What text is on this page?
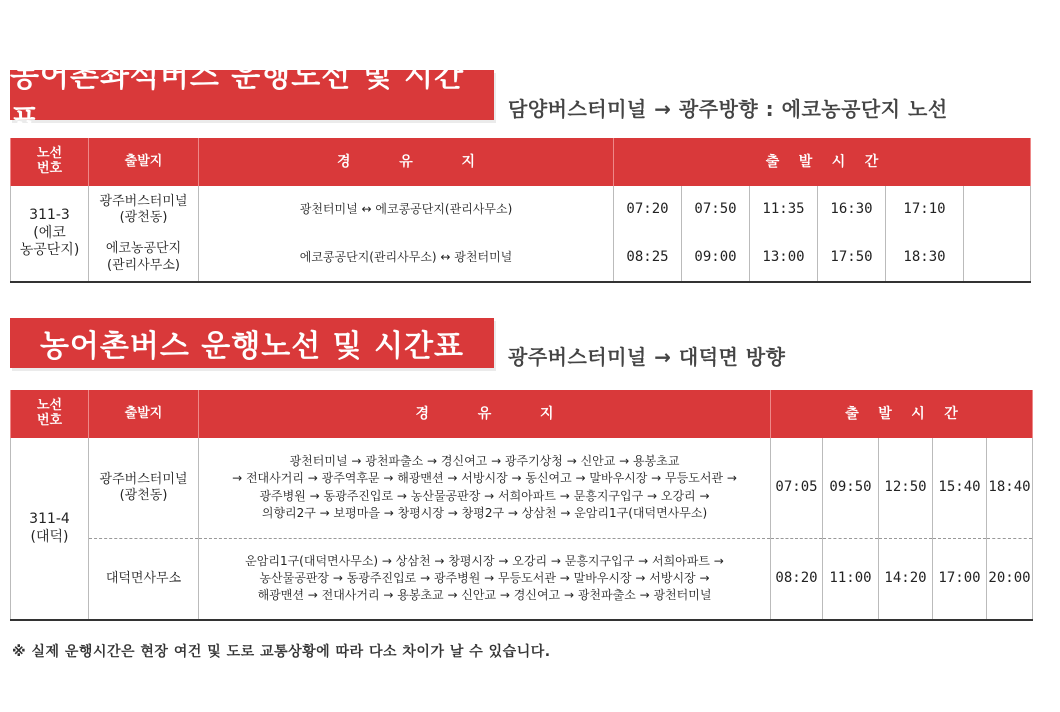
농어촌좌석버스 운행노선 및 시간표	담양버스터미널 → 광주방향 : 에코농공단지 노선
노선
번호	출발지	경          유          지	출    발    시    간					
311-3
(에코
농공단지)	광주버스터미널
(광천동)	광천터미널 ↔ 에코콩공단지(관리사무소)	07:20	07:50	11:35	16:30	17:10	
	에코농공단지
(관리사무소)	에코콩공단지(관리사무소) ↔ 광천터미널	08:25	09:00	13:00	17:50	18:30	
농어촌버스 운행노선 및 시간표 광주버스터미널 → 대덕면 방향
노선
번호	출발지	경          유          지	출    발    시    간				
311-4
(대덕)	광주버스터미널
(광천동)	광천터미널 → 광천파출소 → 경신여고 → 광주기상청 → 신안교 → 용봉초교
→ 전대사거리 → 광주역후문 → 해광맨션 → 서방시장 → 동신여고 → 말바우시장 → 무등도서관 →
광주병원 → 동광주진입로 → 농산물공판장 → 서희아파트 → 문흥지구입구 → 오강리 →
의향리2구 → 보평마을 → 창평시장 → 창평2구 → 상삼천 → 운암리1구(대덕면사무소)	07:05	09:50	12:50	15:40	18:40
	대덕면사무소	운암리1구(대덕면사무소) → 상삼천 → 창평시장 → 오강리 → 문흥지구입구 → 서희아파트 →
농산물공판장 → 동광주진입로 → 광주병원 → 무등도서관 → 말바우시장 → 서방시장 →
해광맨션 → 전대사거리 → 용봉초교 → 신안교 → 경신여고 → 광천파출소 → 광천터미널	08:20	11:00	14:20	17:00	20:00
※ 실제 운행시간은 현장 여건 및 도로 교통상황에 따라 다소 차이가 날 수 있습니다.
